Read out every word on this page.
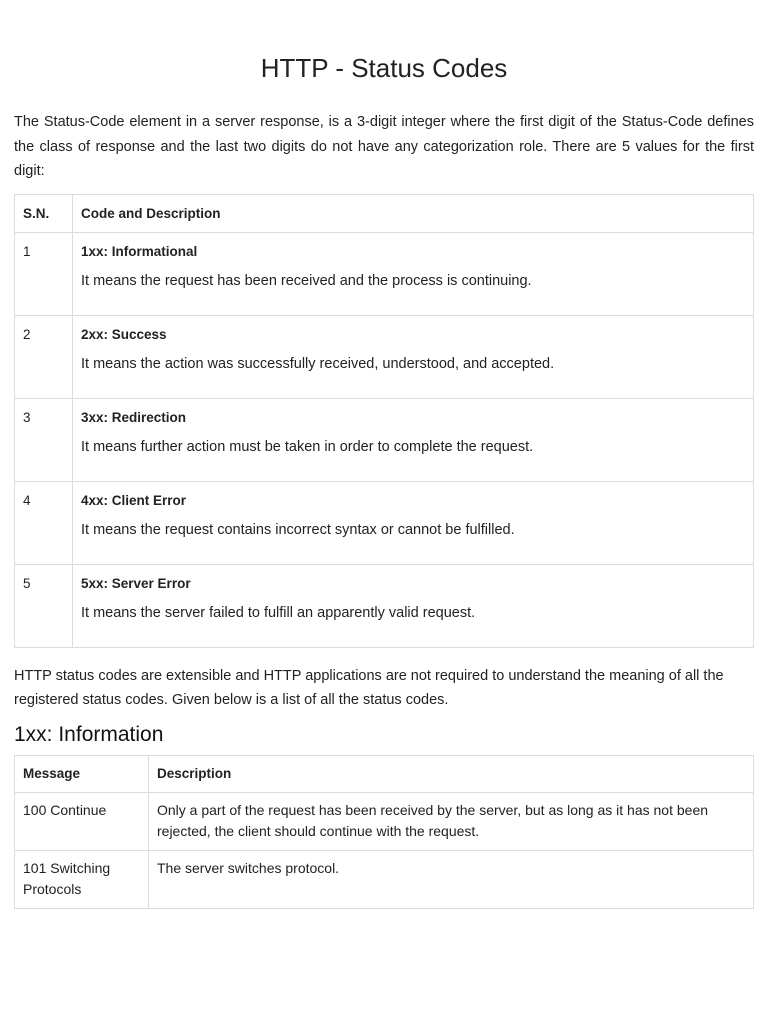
HTTP - Status Codes

The Status-Code element in a server response, is a 3-digit integer where the first digit of the Status-Code defines the class of response and the last two digits do not have any categorization role. There are 5 values for the first digit:

S.N.	Code and Description
1	1xx: Informational
It means the request has been received and the process is continuing.

2	2xx: Success
It means the action was successfully received, understood, and accepted.

3	3xx: Redirection
It means further action must be taken in order to complete the request.

4	4xx: Client Error
It means the request contains incorrect syntax or cannot be fulfilled.

5	5xx: Server Error
It means the server failed to fulfill an apparently valid request.

HTTP status codes are extensible and HTTP applications are not required to understand the meaning of all the registered status codes. Given below is a list of all the status codes.

1xx: Information
Message	Description
100 Continue	Only a part of the request has been received by the server, but as long as it has not been rejected, the client should continue with the request.
101 Switching Protocols	The server switches protocol.
